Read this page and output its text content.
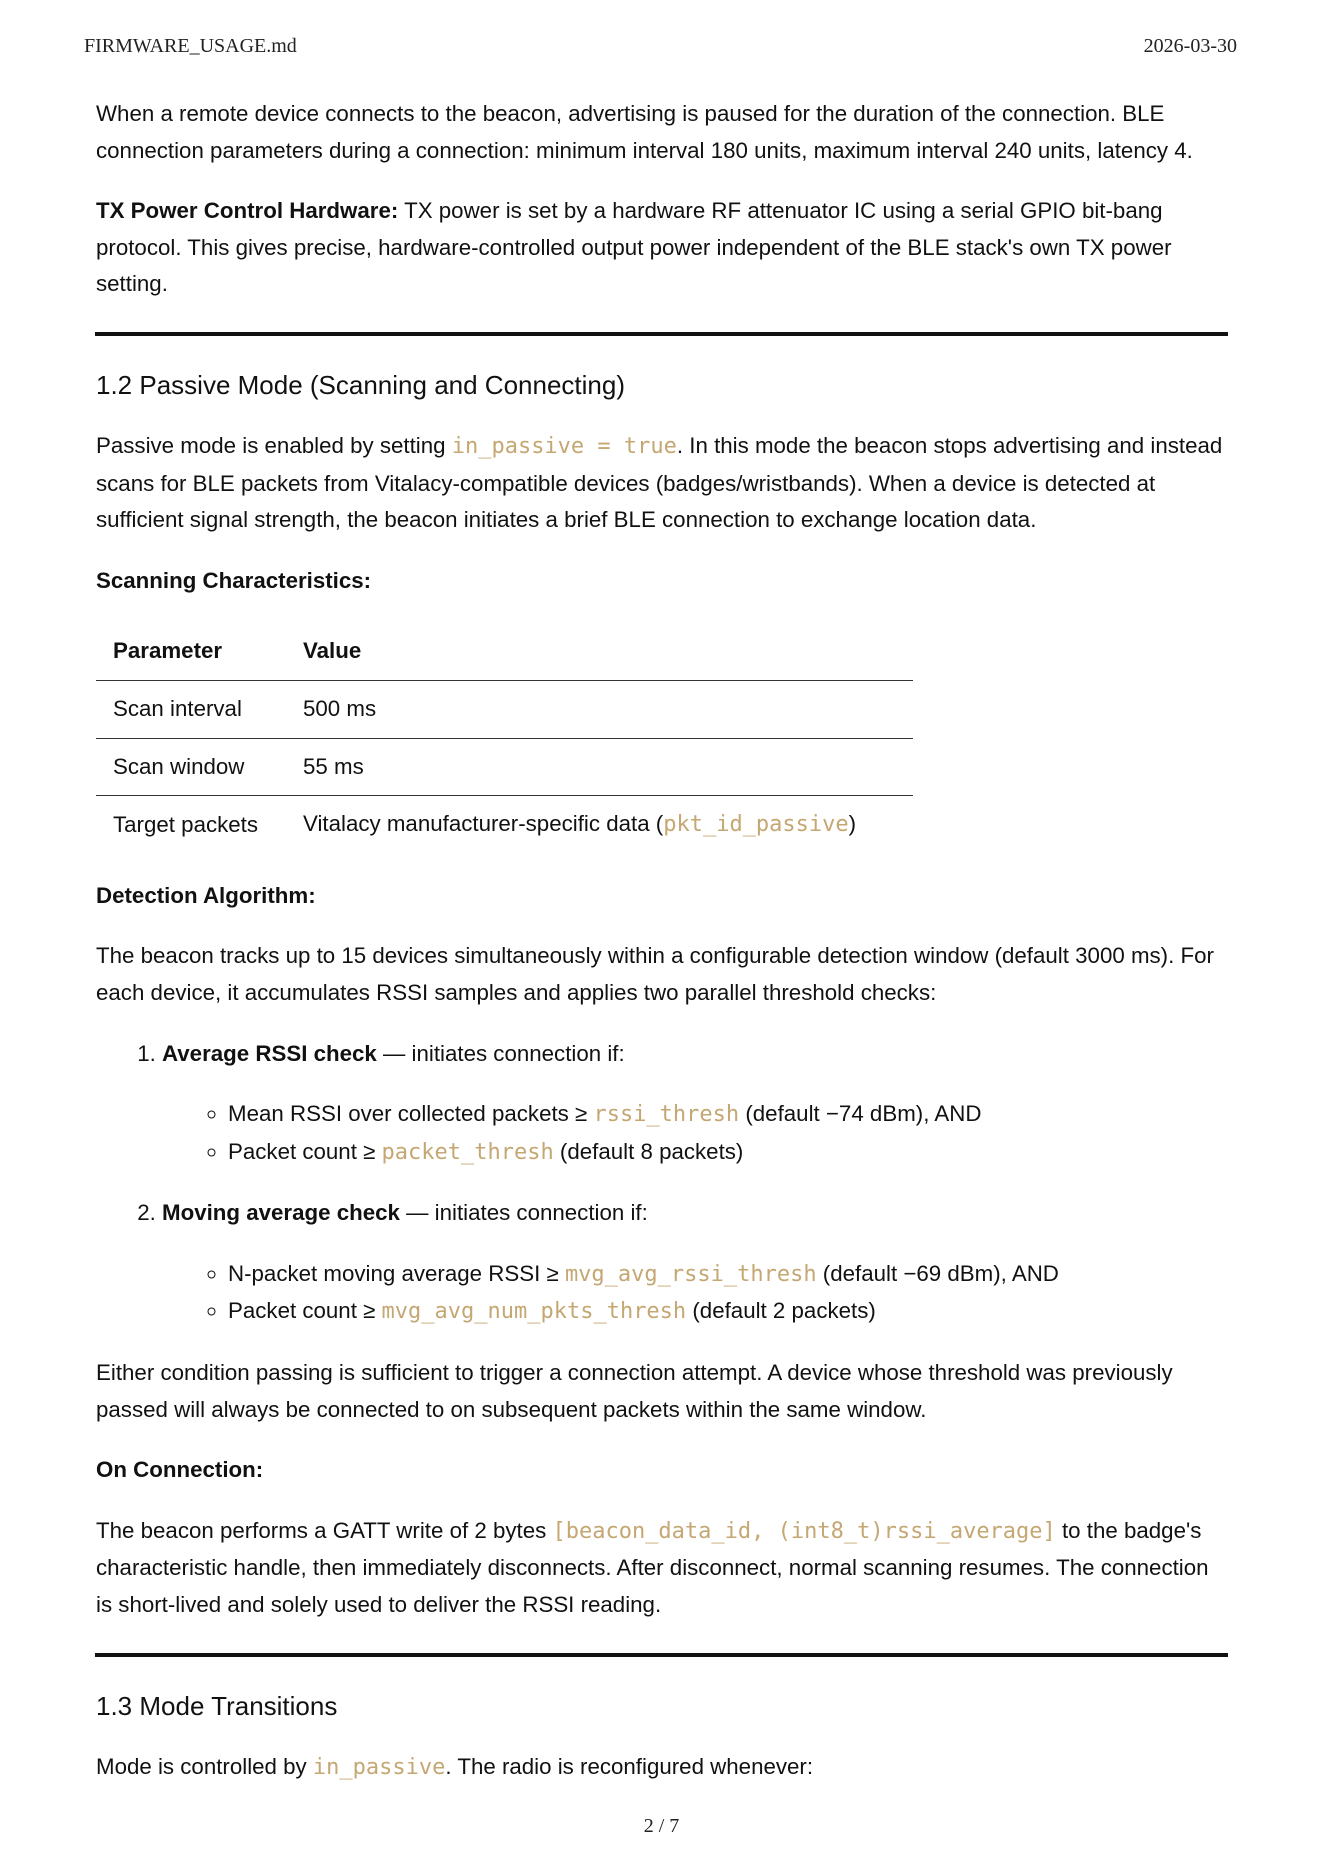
FIRMWARE_USAGE.md	2026-03-30

When a remote device connects to the beacon, advertising is paused for the duration of the connection. BLE connection parameters during a connection: minimum interval 180 units, maximum interval 240 units, latency 4.

TX Power Control Hardware: TX power is set by a hardware RF attenuator IC using a serial GPIO bit-bang protocol. This gives precise, hardware-controlled output power independent of the BLE stack's own TX power setting.

1.2 Passive Mode (Scanning and Connecting)

Passive mode is enabled by setting in_passive = true. In this mode the beacon stops advertising and instead scans for BLE packets from Vitalacy-compatible devices (badges/wristbands). When a device is detected at sufficient signal strength, the beacon initiates a brief BLE connection to exchange location data.

Scanning Characteristics:

Parameter	Value
Scan interval	500 ms
Scan window	55 ms
Target packets	Vitalacy manufacturer-specific data (pkt_id_passive)

Detection Algorithm:

The beacon tracks up to 15 devices simultaneously within a configurable detection window (default 3000 ms). For each device, it accumulates RSSI samples and applies two parallel threshold checks:

1. Average RSSI check — initiates connection if:
◦ Mean RSSI over collected packets ≥ rssi_thresh (default −74 dBm), AND
◦ Packet count ≥ packet_thresh (default 8 packets)
2. Moving average check — initiates connection if:
◦ N-packet moving average RSSI ≥ mvg_avg_rssi_thresh (default −69 dBm), AND
◦ Packet count ≥ mvg_avg_num_pkts_thresh (default 2 packets)

Either condition passing is sufficient to trigger a connection attempt. A device whose threshold was previously passed will always be connected to on subsequent packets within the same window.

On Connection:

The beacon performs a GATT write of 2 bytes [beacon_data_id, (int8_t)rssi_average] to the badge's characteristic handle, then immediately disconnects. After disconnect, normal scanning resumes. The connection is short-lived and solely used to deliver the RSSI reading.

1.3 Mode Transitions

Mode is controlled by in_passive. The radio is reconfigured whenever:

2 / 7
